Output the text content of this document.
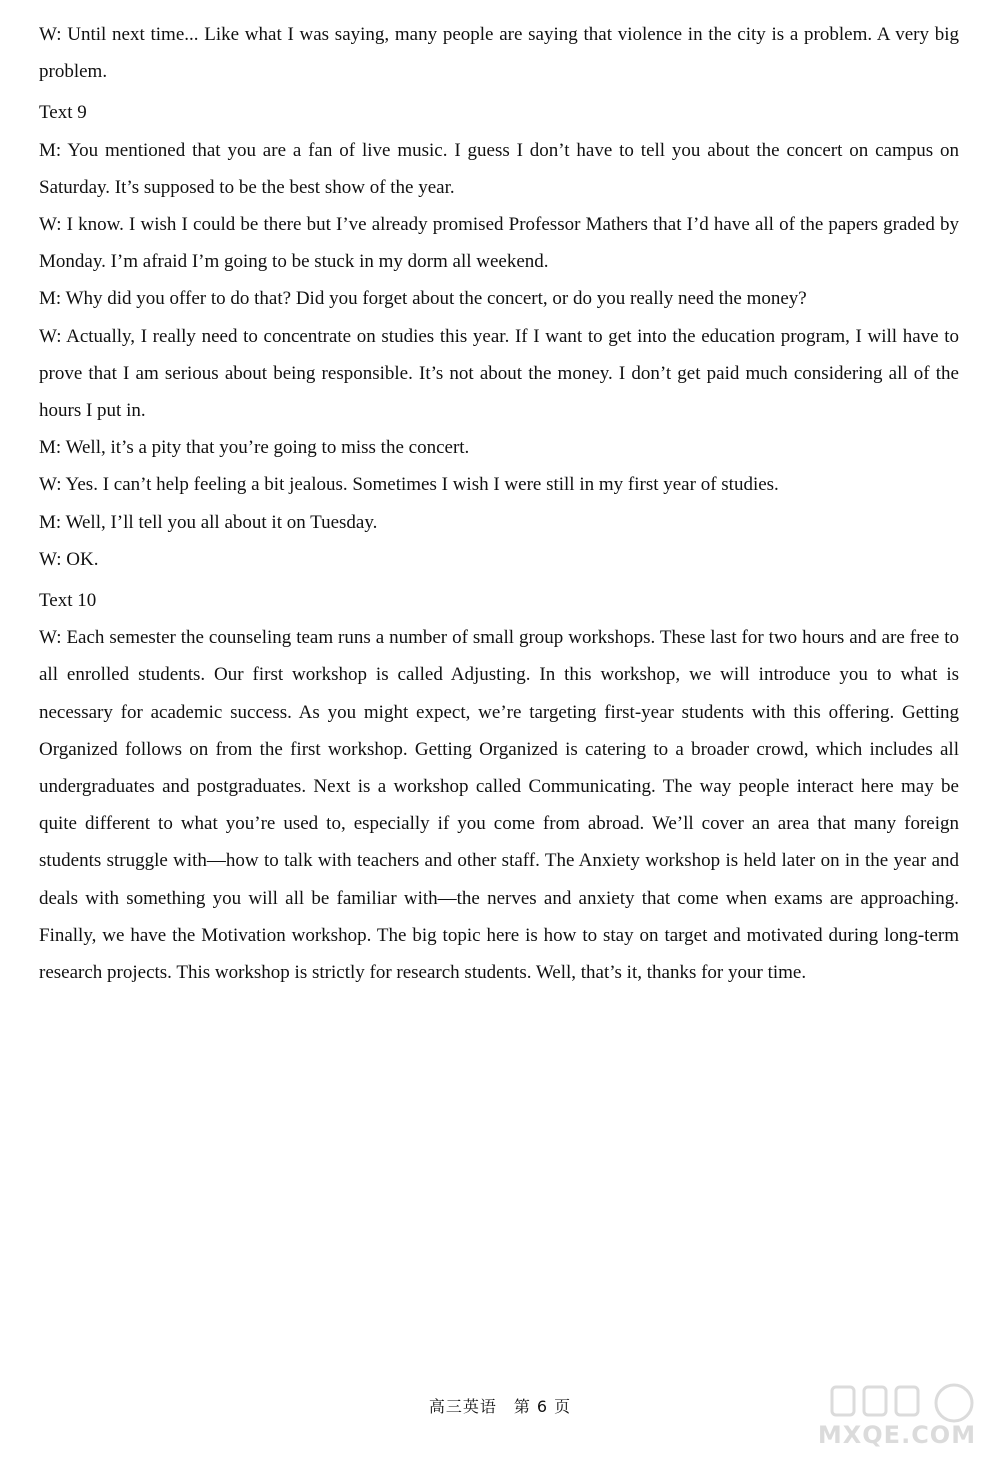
W: Until next time... Like what I was saying, many people are saying that violence in the city is a problem. A very big problem.

Text 9

M: You mentioned that you are a fan of live music. I guess I don’t have to tell you about the concert on campus on Saturday. It’s supposed to be the best show of the year.

W: I know. I wish I could be there but I’ve already promised Professor Mathers that I’d have all of the papers graded by Monday. I’m afraid I’m going to be stuck in my dorm all weekend.

M: Why did you offer to do that? Did you forget about the concert, or do you really need the money?

W: Actually, I really need to concentrate on studies this year. If I want to get into the education program, I will have to prove that I am serious about being responsible. It’s not about the money. I don’t get paid much considering all of the hours I put in.

M: Well, it’s a pity that you’re going to miss the concert.

W: Yes. I can’t help feeling a bit jealous. Sometimes I wish I were still in my first year of studies.

M: Well, I’ll tell you all about it on Tuesday.

W: OK.

Text 10

W: Each semester the counseling team runs a number of small group workshops. These last for two hours and are free to all enrolled students. Our first workshop is called Adjusting. In this workshop, we will introduce you to what is necessary for academic success. As you might expect, we’re targeting first-year students with this offering. Getting Organized follows on from the first workshop. Getting Organized is catering to a broader crowd, which includes all undergraduates and postgraduates. Next is a workshop called Communicating. The way people interact here may be quite different to what you’re used to, especially if you come from abroad. We’ll cover an area that many foreign students struggle with—how to talk with teachers and other staff. The Anxiety workshop is held later on in the year and deals with something you will all be familiar with—the nerves and anxiety that come when exams are approaching. Finally, we have the Motivation workshop. The big topic here is how to stay on target and motivated during long-term research projects. This workshop is strictly for research students. Well, that’s it, thanks for your time.

高三英语　第 6 页
MXQE.COM
